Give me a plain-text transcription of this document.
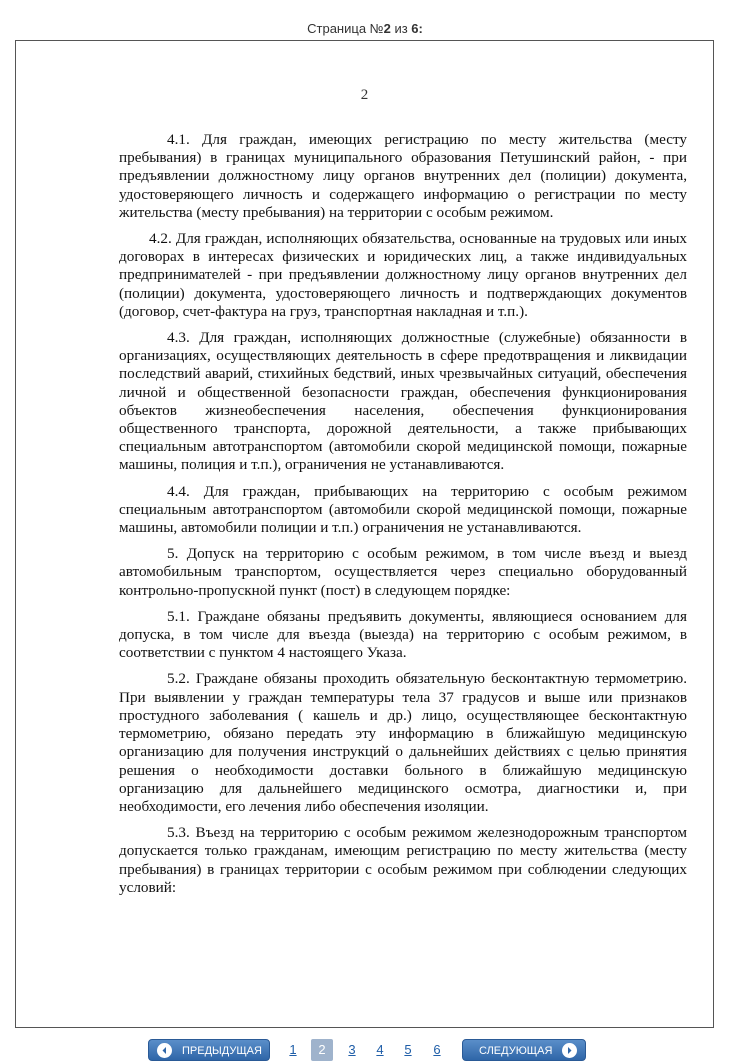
Страница №2 из 6:
2

4.1. Для граждан, имеющих регистрацию по месту жительства (месту пребывания) в границах муниципального образования Петушинский район, - при предъявлении должностному лицу органов внутренних дел (полиции) документа, удостоверяющего личность и содержащего информацию о регистрации по месту жительства (месту пребывания) на территории с особым режимом.

4.2. Для граждан, исполняющих обязательства, основанные на трудовых или иных договорах в интересах физических и юридических лиц, а также индивидуальных предпринимателей - при предъявлении должностному лицу органов внутренних дел (полиции) документа, удостоверяющего личность и подтверждающих документов (договор, счет-фактура на груз, транспортная накладная и т.п.).

4.3. Для граждан, исполняющих должностные (служебные) обязанности в организациях, осуществляющих деятельность в сфере предотвращения и ликвидации последствий аварий, стихийных бедствий, иных чрезвычайных ситуаций, обеспечения личной и общественной безопасности граждан, обеспечения функционирования объектов жизнеобеспечения населения, обеспечения функционирования общественного транспорта, дорожной деятельности, а также прибывающих специальным автотранспортом (автомобили скорой медицинской помощи, пожарные машины, полиция и т.п.), ограничения не устанавливаются.

4.4. Для граждан, прибывающих на территорию с особым режимом специальным автотранспортом (автомобили скорой медицинской помощи, пожарные машины, автомобили полиции и т.п.) ограничения не устанавливаются.

5. Допуск на территорию с особым режимом, в том числе въезд и выезд автомобильным транспортом, осуществляется через специально оборудованный контрольно-пропускной пункт (пост) в следующем порядке:

5.1. Граждане обязаны предъявить документы, являющиеся основанием для допуска, в том числе для въезда (выезда) на территорию с особым режимом, в соответствии с пунктом 4 настоящего Указа.

5.2. Граждане обязаны проходить обязательную бесконтактную термометрию. При выявлении у граждан температуры тела 37 градусов и выше или признаков простудного заболевания ( кашель и др.) лицо, осуществляющее бесконтактную термометрию, обязано передать эту информацию в ближайшую медицинскую организацию для получения инструкций о дальнейших действиях с целью принятия решения о необходимости доставки больного в ближайшую медицинскую организацию для дальнейшего медицинского осмотра, диагностики и, при необходимости, его лечения либо обеспечения изоляции.

5.3. Въезд на территорию с особым режимом железнодорожным транспортом допускается только гражданам, имеющим регистрацию по месту жительства (месту пребывания) в границах территории с особым режимом при соблюдении следующих условий:

ПРЕДЫДУЩАЯ	1	2	3	4	5	6	СЛЕДУЮЩАЯ
